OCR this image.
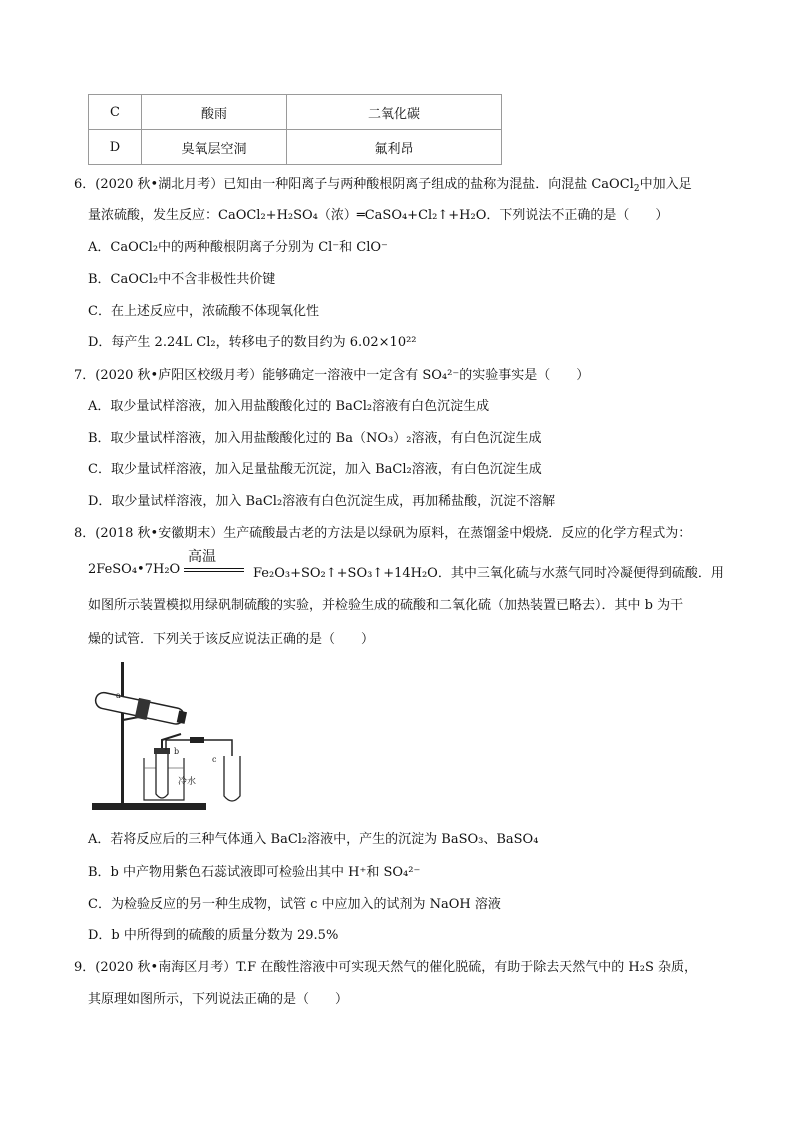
C	酸雨	二氧化碳
D	臭氧层空洞	氟利昂
6．(2020 秋•湖北月考）已知由一种阳离子与两种酸根阴离子组成的盐称为混盐．向混盐 CaOCl$_2$中加入足
量浓硫酸，发生反应：CaOCl₂+H₂SO₄（浓）═CaSO₄+Cl₂↑+H₂O．下列说法不正确的是（　　）
A．CaOCl₂中的两种酸根阴离子分别为 Cl⁻和 ClO⁻
B．CaOCl₂中不含非极性共价键
C．在上述反应中，浓硫酸不体现氧化性
D．每产生 2.24L Cl₂，转移电子的数目约为 6.02×10²²
7．(2020 秋•庐阳区校级月考）能够确定一溶液中一定含有 SO₄²⁻的实验事实是（　　）
A．取少量试样溶液，加入用盐酸酸化过的 BaCl₂溶液有白色沉淀生成
B．取少量试样溶液，加入用盐酸酸化过的 Ba（NO₃）₂溶液，有白色沉淀生成
C．取少量试样溶液，加入足量盐酸无沉淀，加入 BaCl₂溶液，有白色沉淀生成
D．取少量试样溶液，加入 BaCl₂溶液有白色沉淀生成，再加稀盐酸，沉淀不溶解
8．(2018 秋•安徽期末）生产硫酸最古老的方法是以绿矾为原料，在蒸馏釜中煅烧．反应的化学方程式为：
2FeSO₄•7H₂O
高温
Fe₂O₃+SO₂↑+SO₃↑+14H₂O．其中三氧化硫与水蒸气同时冷凝便得到硫酸．用
如图所示装置模拟用绿矾制硫酸的实验，并检验生成的硫酸和二氧化硫（加热装置已略去）．其中 b 为干
燥的试管．下列关于该反应说法正确的是（　　）
a
b
冷水
c
A．若将反应后的三种气体通入 BaCl₂溶液中，产生的沉淀为 BaSO₃、BaSO₄
B．b 中产物用紫色石蕊试液即可检验出其中 H⁺和 SO₄²⁻
C．为检验反应的另一种生成物，试管 c 中应加入的试剂为 NaOH 溶液
D．b 中所得到的硫酸的质量分数为 29.5%
9．(2020 秋•南海区月考）T.F 在酸性溶液中可实现天然气的催化脱硫，有助于除去天然气中的 H₂S 杂质，
其原理如图所示，下列说法正确的是（　　）
